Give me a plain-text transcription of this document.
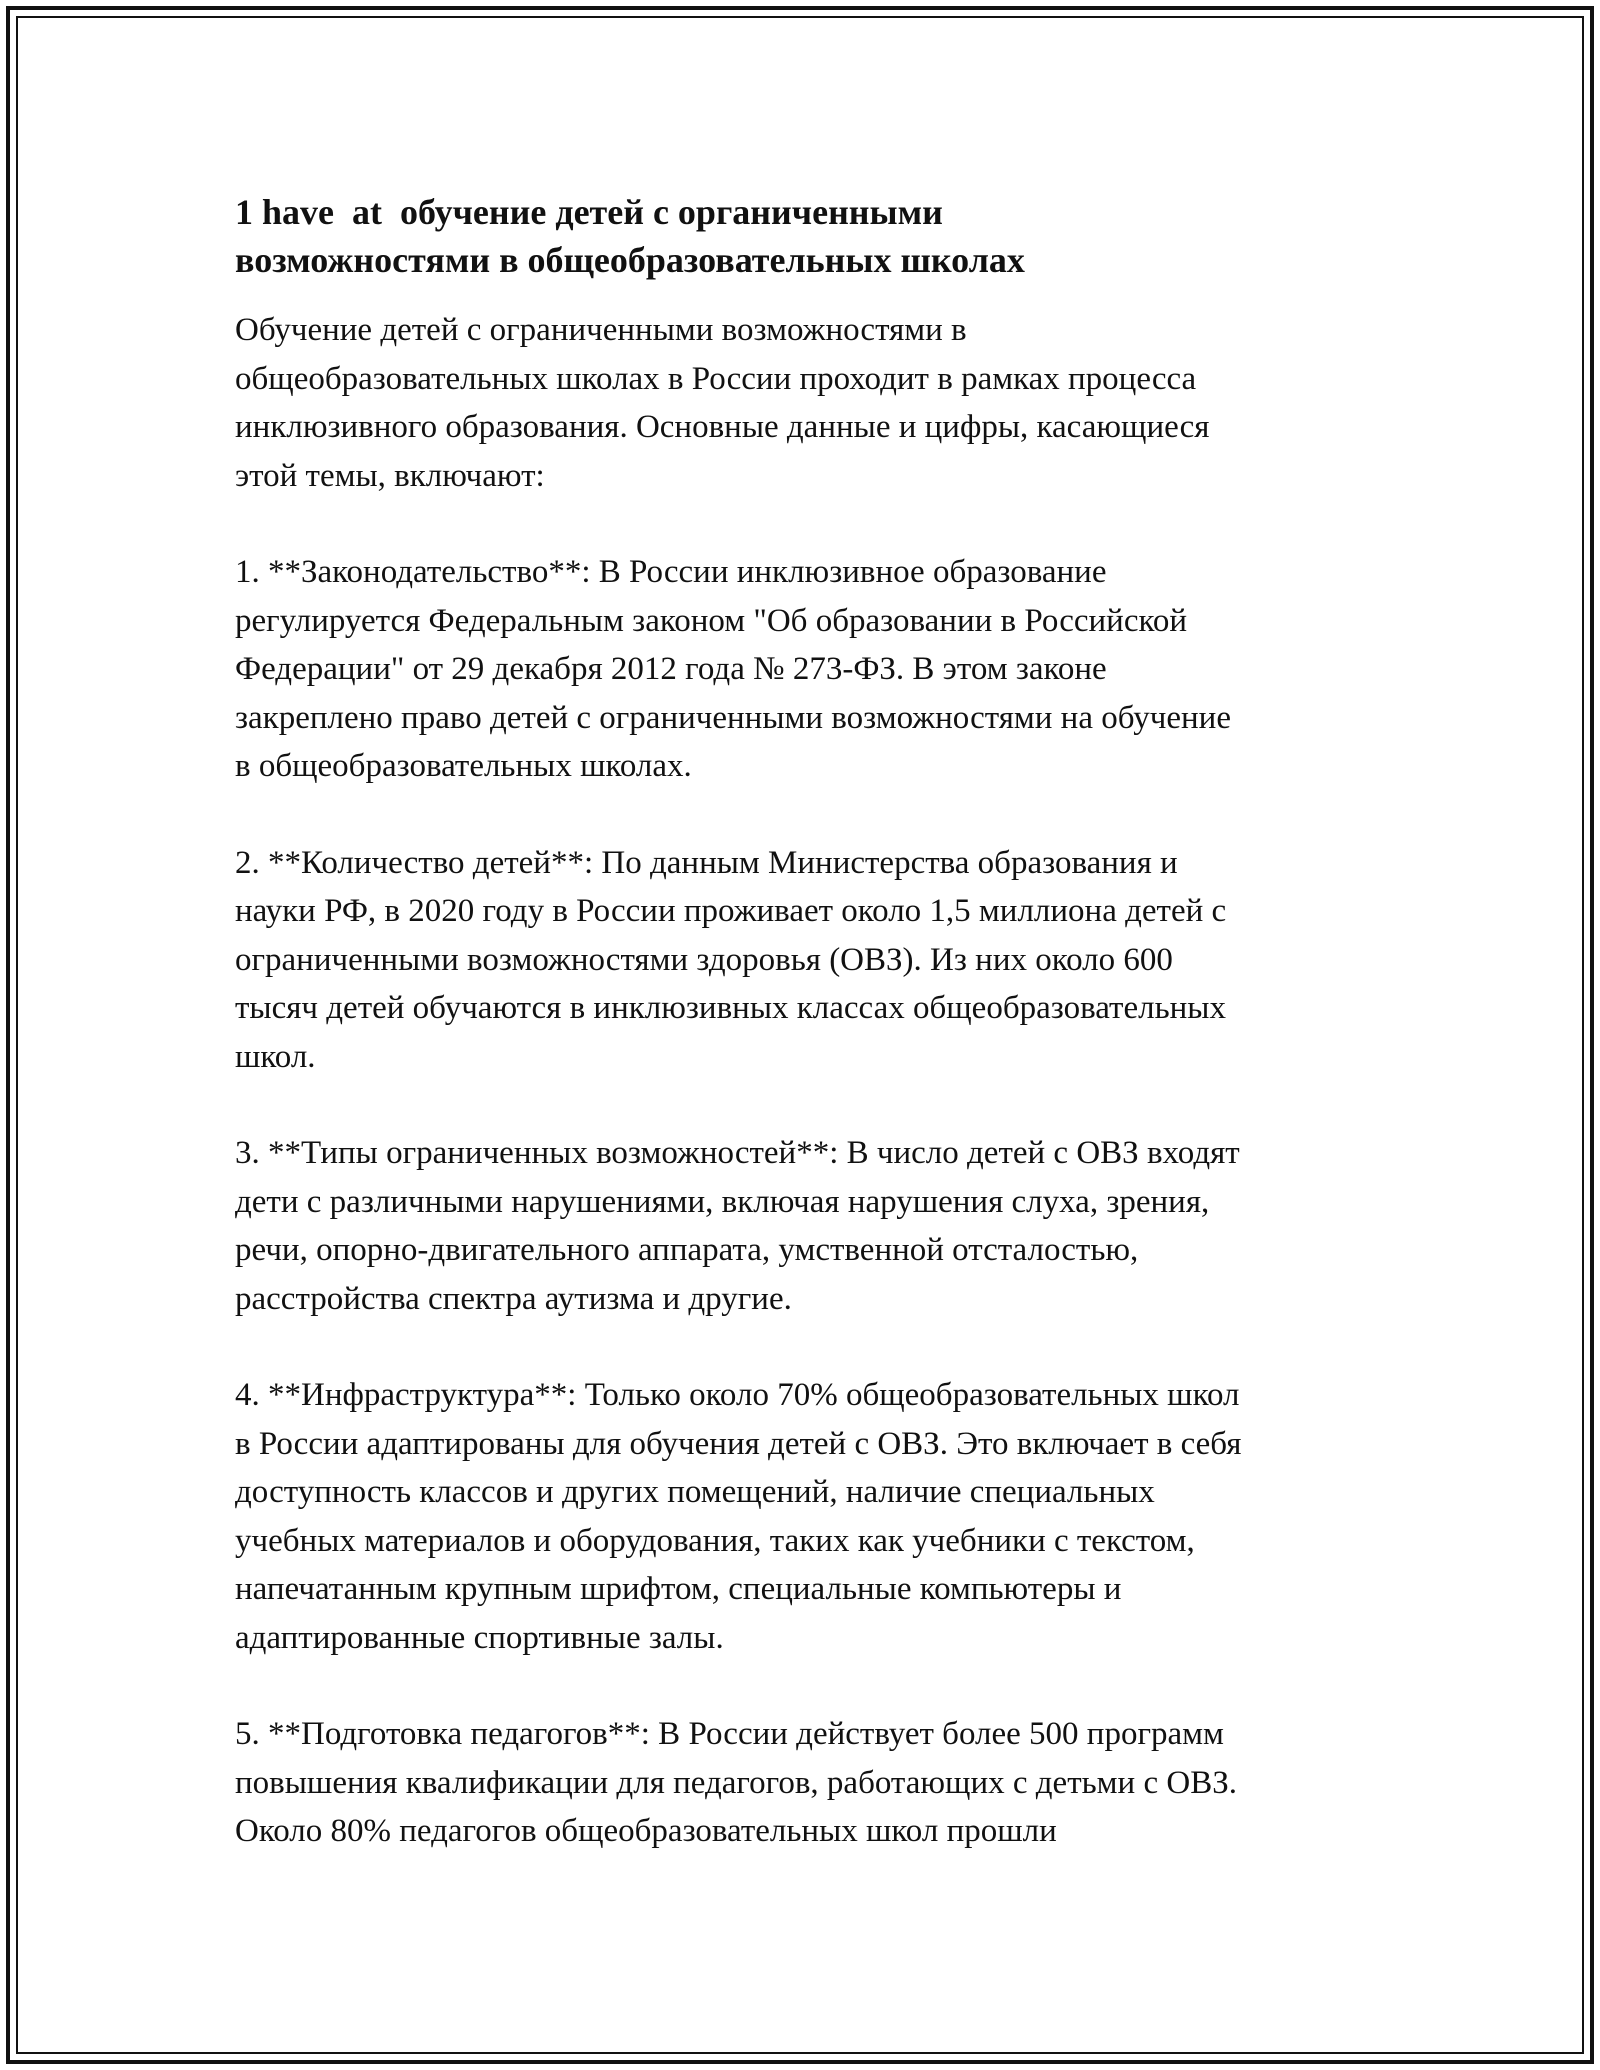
1 have  at  обучение детей с органиченными
возможностями в общеобразовательных школах

Обучение детей с ограниченными возможностями в
общеобразовательных школах в России проходит в рамках процесса
инклюзивного образования. Основные данные и цифры, касающиеся
этой темы, включают:

1. **Законодательство**: В России инклюзивное образование
регулируется Федеральным законом "Об образовании в Российской
Федерации" от 29 декабря 2012 года № 273-ФЗ. В этом законе
закреплено право детей с ограниченными возможностями на обучение
в общеобразовательных школах.

2. **Количество детей**: По данным Министерства образования и
науки РФ, в 2020 году в России проживает около 1,5 миллиона детей с
ограниченными возможностями здоровья (ОВЗ). Из них около 600
тысяч детей обучаются в инклюзивных классах общеобразовательных
школ.

3. **Типы ограниченных возможностей**: В число детей с ОВЗ входят
дети с различными нарушениями, включая нарушения слуха, зрения,
речи, опорно-двигательного аппарата, умственной отсталостью,
расстройства спектра аутизма и другие.

4. **Инфраструктура**: Только около 70% общеобразовательных школ
в России адаптированы для обучения детей с ОВЗ. Это включает в себя
доступность классов и других помещений, наличие специальных
учебных материалов и оборудования, таких как учебники с текстом,
напечатанным крупным шрифтом, специальные компьютеры и
адаптированные спортивные залы.

5. **Подготовка педагогов**: В России действует более 500 программ
повышения квалификации для педагогов, работающих с детьми с ОВЗ.
Около 80% педагогов общеобразовательных школ прошли
